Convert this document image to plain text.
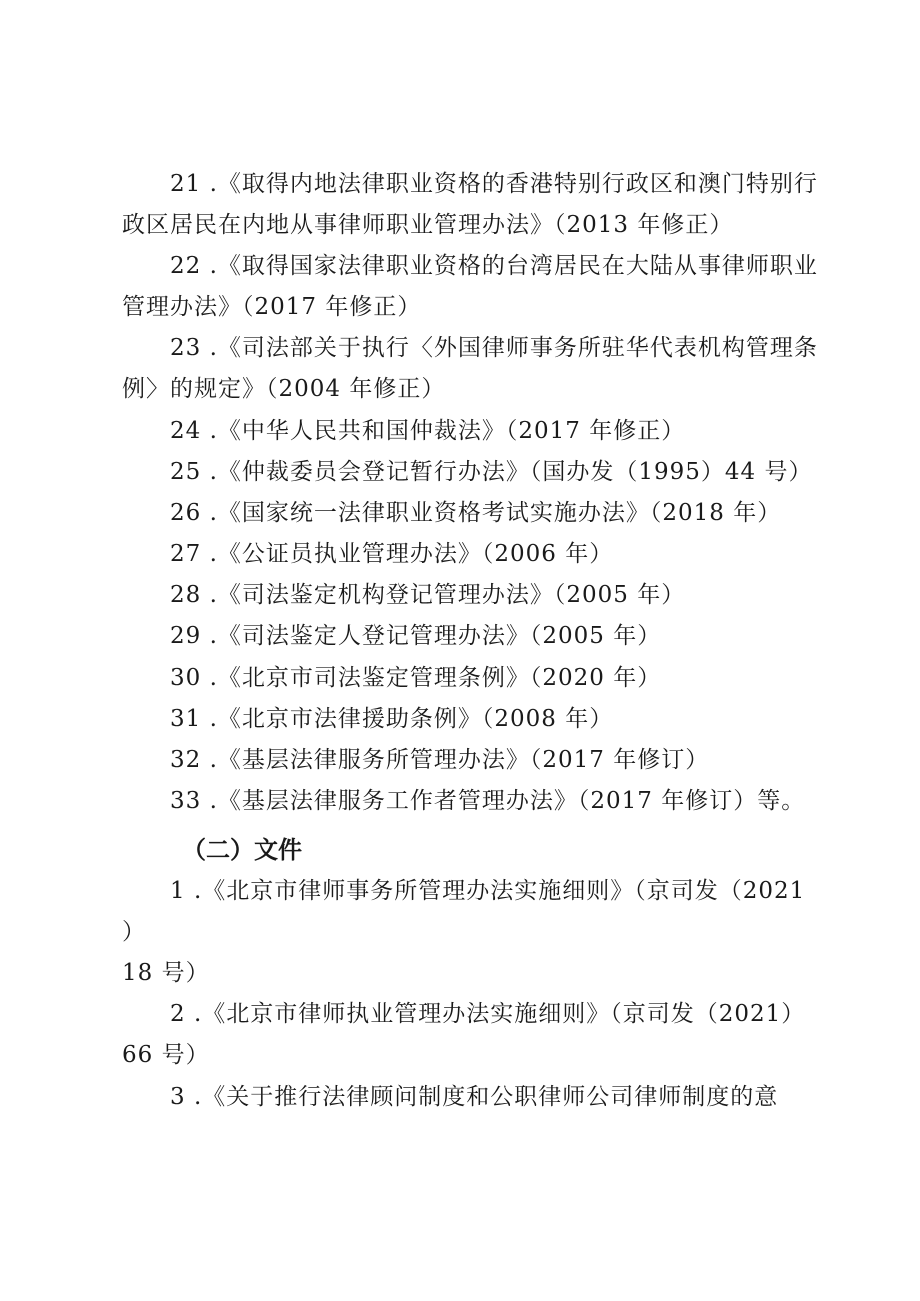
21 .《取得内地法律职业资格的香港特别行政区和澳门特别行
政区居民在内地从事律师职业管理办法》（2013 年修正）
22 .《取得国家法律职业资格的台湾居民在大陆从事律师职业
管理办法》（2017 年修正）
23 .《司法部关于执行〈外国律师事务所驻华代表机构管理条
例〉的规定》（2004 年修正）
24 .《中华人民共和国仲裁法》（2017 年修正）
25 .《仲裁委员会登记暂行办法》（国办发（1995）44 号）
26 .《国家统一法律职业资格考试实施办法》（2018 年）
27 .《公证员执业管理办法》（2006 年）
28 .《司法鉴定机构登记管理办法》（2005 年）
29 .《司法鉴定人登记管理办法》（2005 年）
30 .《北京市司法鉴定管理条例》（2020 年）
31 .《北京市法律援助条例》（2008 年）
32 .《基层法律服务所管理办法》（2017 年修订）
33 .《基层法律服务工作者管理办法》（2017 年修订）等。
（二）文件
1 .《北京市律师事务所管理办法实施细则》（京司发（2021
）
18 号）
2 .《北京市律师执业管理办法实施细则》（京司发（2021）
66 号）
3 .《关于推行法律顾问制度和公职律师公司律师制度的意
